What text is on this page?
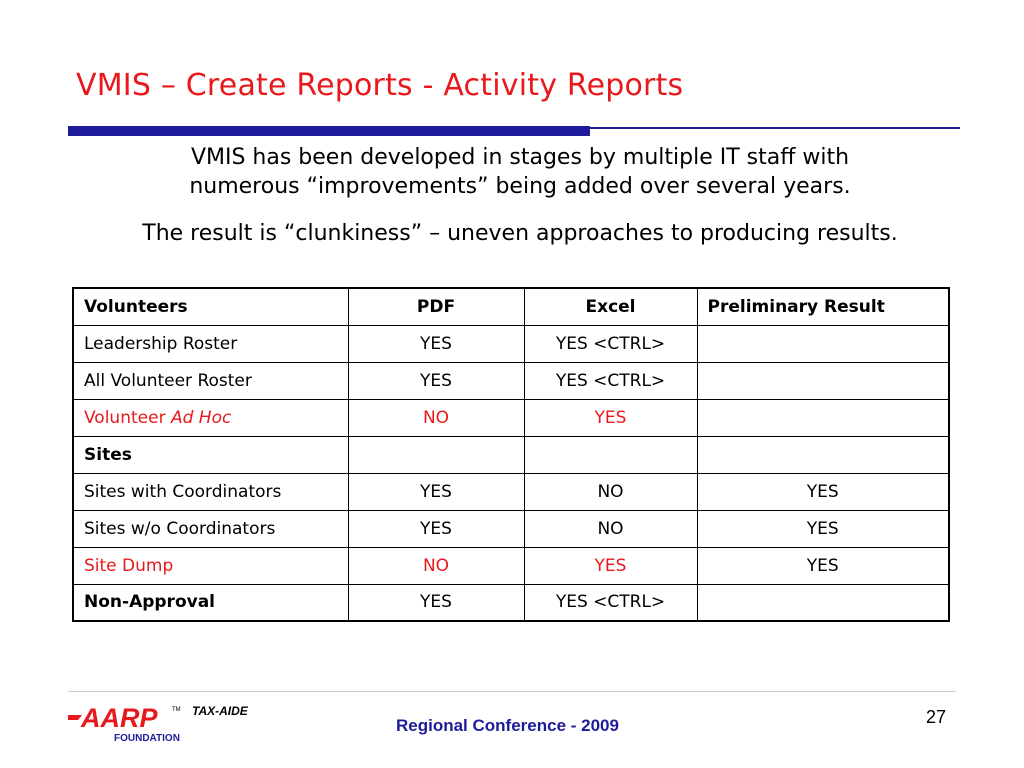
VMIS – Create Reports - Activity Reports

VMIS has been developed in stages by multiple IT staff with

numerous “improvements” being added over several years.

The result is “clunkiness” – uneven approaches to producing results.

Volunteers	PDF	Excel	Preliminary Result
Leadership Roster	YES	YES <CTRL>	
All Volunteer Roster	YES	YES <CTRL>	
Volunteer Ad Hoc	NO	YES	
Sites			
Sites with Coordinators	YES	NO	YES
Sites w/o Coordinators	YES	NO	YES
Site Dump	NO	YES	YES
Non-Approval	YES	YES <CTRL>	
AARP TM TAX-AIDE
FOUNDATION
Regional Conference - 2009	27
